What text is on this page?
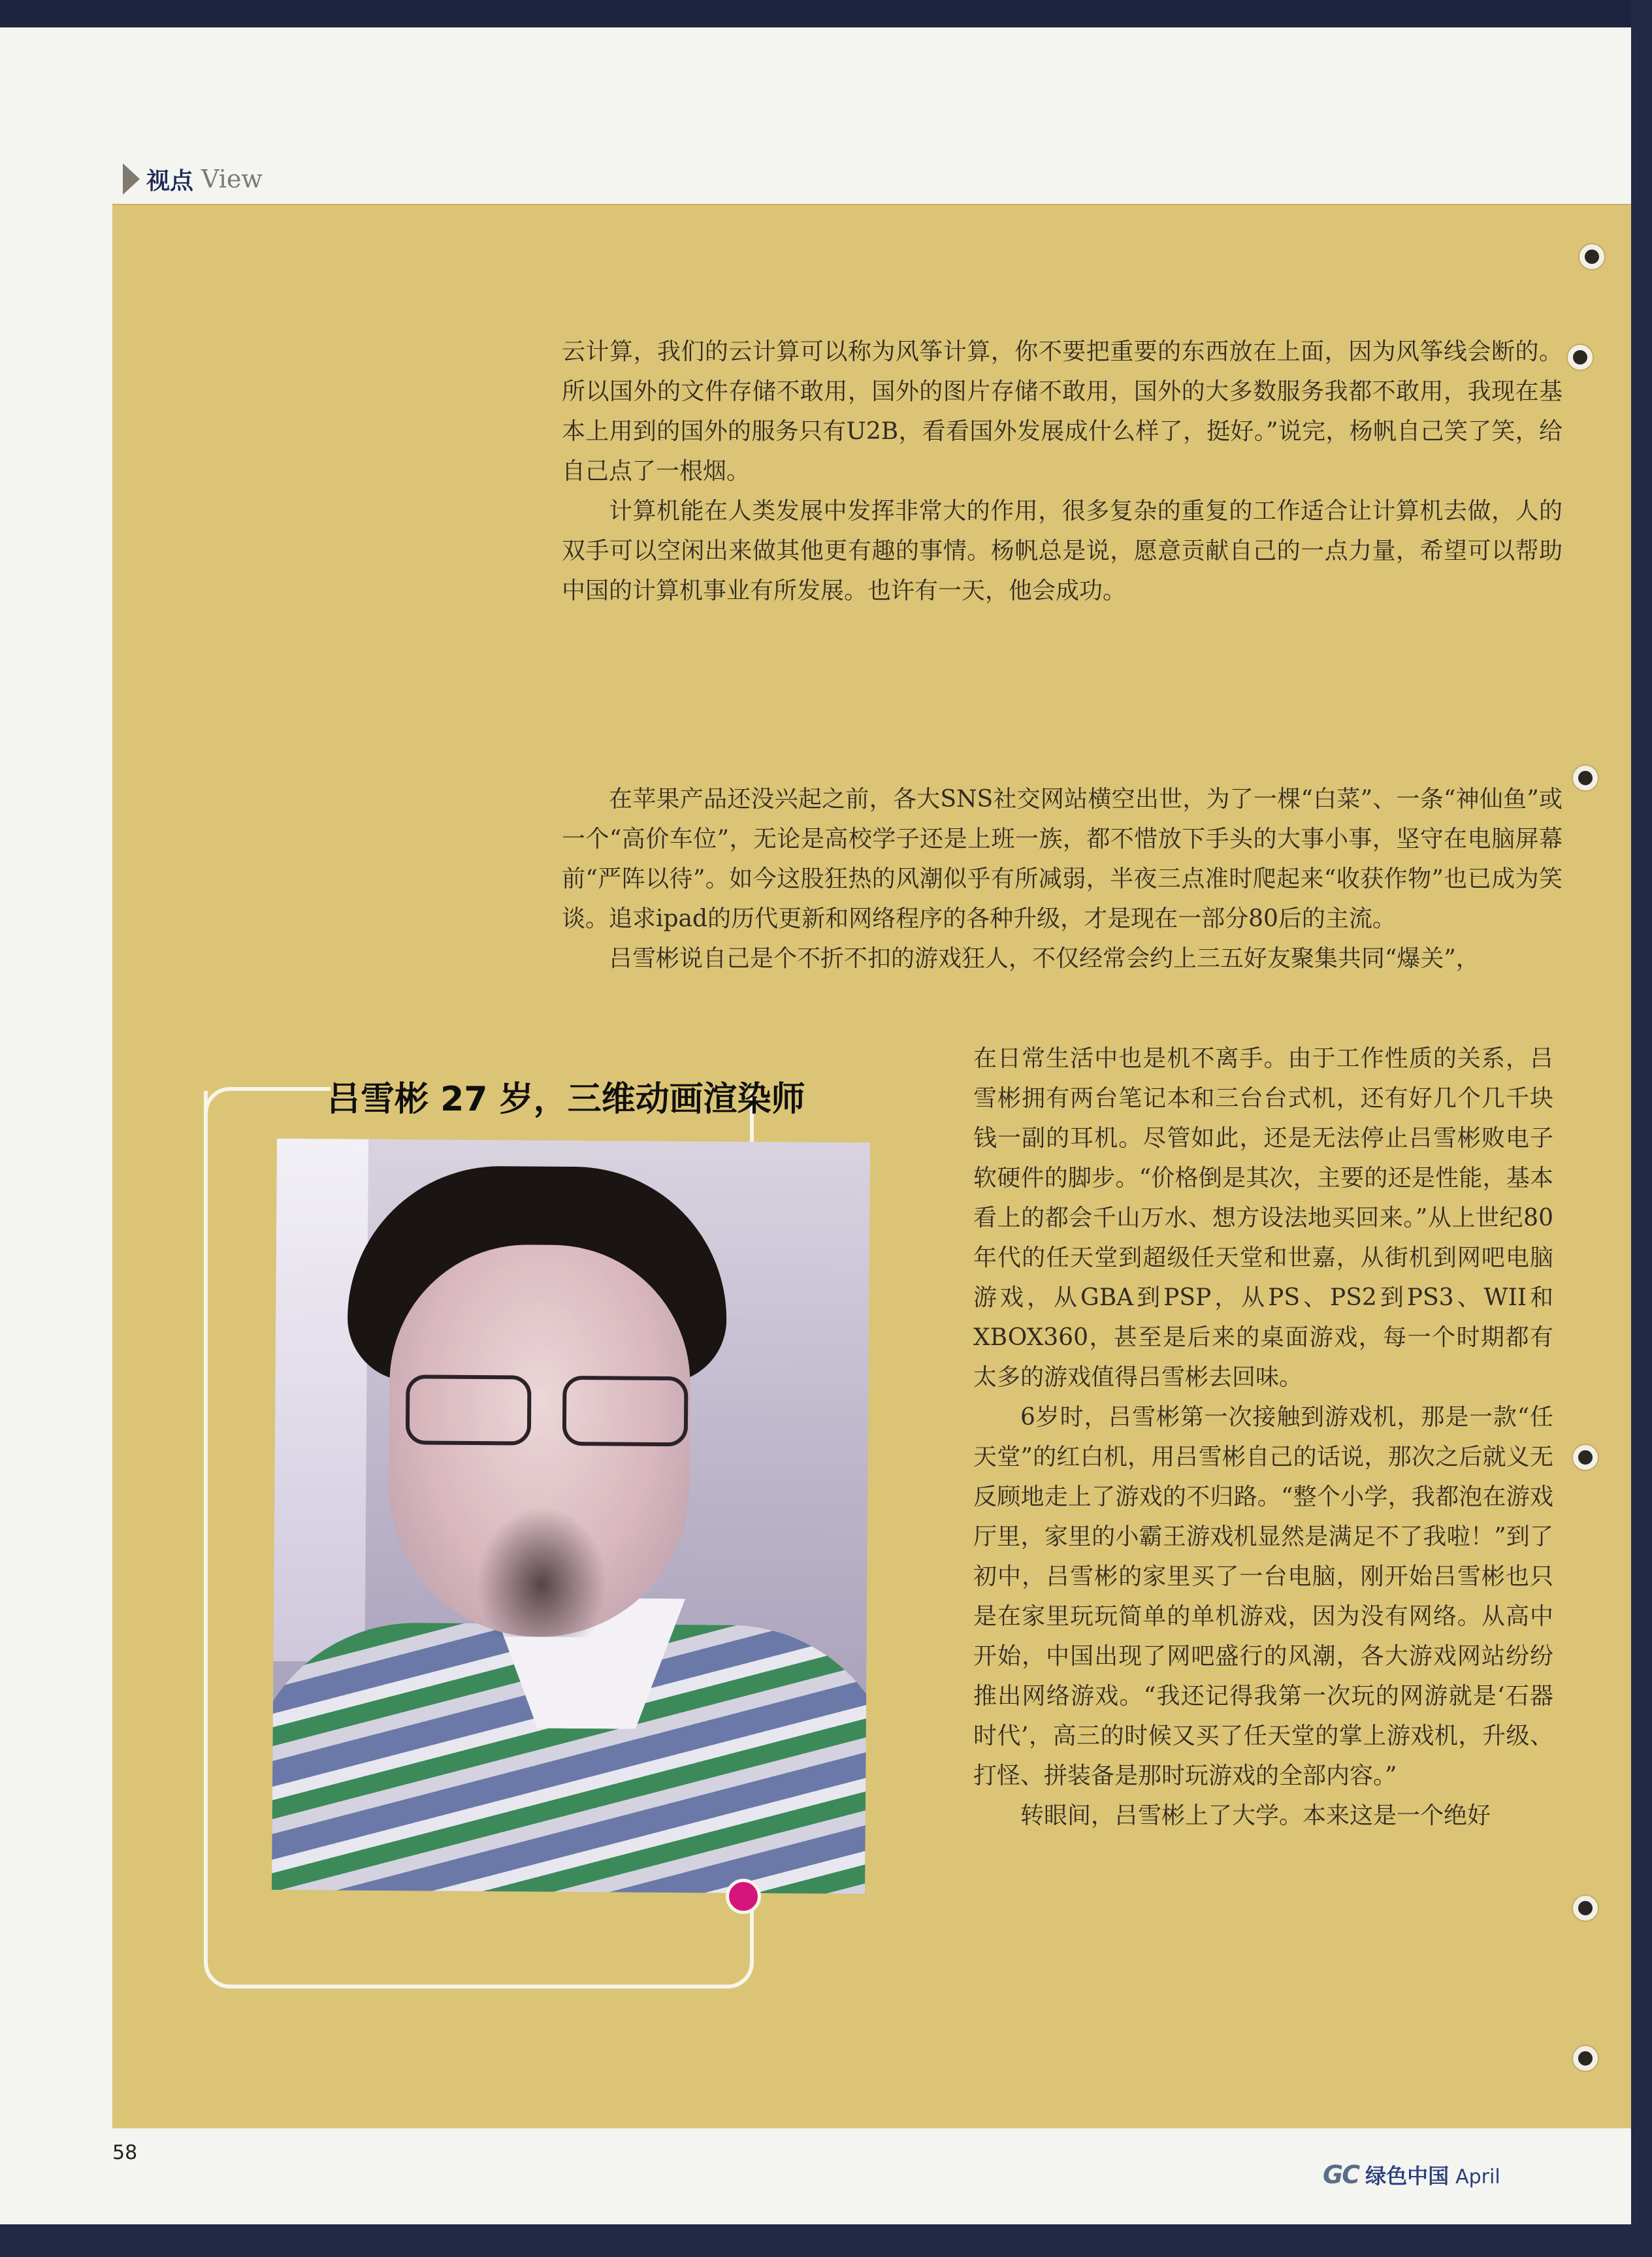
视点 View

云计算，我们的云计算可以称为风筝计算，你不要把重要的东西放在上面，因为风筝线会断的。所以国外的文件存储不敢用，国外的图片存储不敢用，国外的大多数服务我都不敢用，我现在基本上用到的国外的服务只有U2B，看看国外发展成什么样了，挺好。”说完，杨帆自己笑了笑，给自己点了一根烟。

计算机能在人类发展中发挥非常大的作用，很多复杂的重复的工作适合让计算机去做，人的双手可以空闲出来做其他更有趣的事情。杨帆总是说，愿意贡献自己的一点力量，希望可以帮助中国的计算机事业有所发展。也许有一天，他会成功。

在苹果产品还没兴起之前，各大SNS社交网站横空出世，为了一棵“白菜”、一条“神仙鱼”或一个“高价车位”，无论是高校学子还是上班一族，都不惜放下手头的大事小事，坚守在电脑屏幕前“严阵以待”。如今这股狂热的风潮似乎有所减弱，半夜三点准时爬起来“收获作物”也已成为笑谈。追求ipad的历代更新和网络程序的各种升级，才是现在一部分80后的主流。

吕雪彬说自己是个不折不扣的游戏狂人，不仅经常会约上三五好友聚集共同“爆关”，

在日常生活中也是机不离手。由于工作性质的关系，吕雪彬拥有两台笔记本和三台台式机，还有好几个几千块钱一副的耳机。尽管如此，还是无法停止吕雪彬败电子软硬件的脚步。“价格倒是其次，主要的还是性能，基本看上的都会千山万水、想方设法地买回来。”从上世纪80年代的任天堂到超级任天堂和世嘉，从街机到网吧电脑游戏，从GBA到PSP，从PS、PS2到PS3、WII和XBOX360，甚至是后来的桌面游戏，每一个时期都有太多的游戏值得吕雪彬去回味。

6岁时，吕雪彬第一次接触到游戏机，那是一款“任天堂”的红白机，用吕雪彬自己的话说，那次之后就义无反顾地走上了游戏的不归路。“整个小学，我都泡在游戏厅里，家里的小霸王游戏机显然是满足不了我啦！”到了初中，吕雪彬的家里买了一台电脑，刚开始吕雪彬也只是在家里玩玩简单的单机游戏，因为没有网络。从高中开始，中国出现了网吧盛行的风潮，各大游戏网站纷纷推出网络游戏。“我还记得我第一次玩的网游就是‘石器时代’，高三的时候又买了任天堂的掌上游戏机，升级、打怪、拼装备是那时玩游戏的全部内容。”

转眼间，吕雪彬上了大学。本来这是一个绝好

吕雪彬 27 岁，三维动画渲染师
58
GC 绿色中国 April
